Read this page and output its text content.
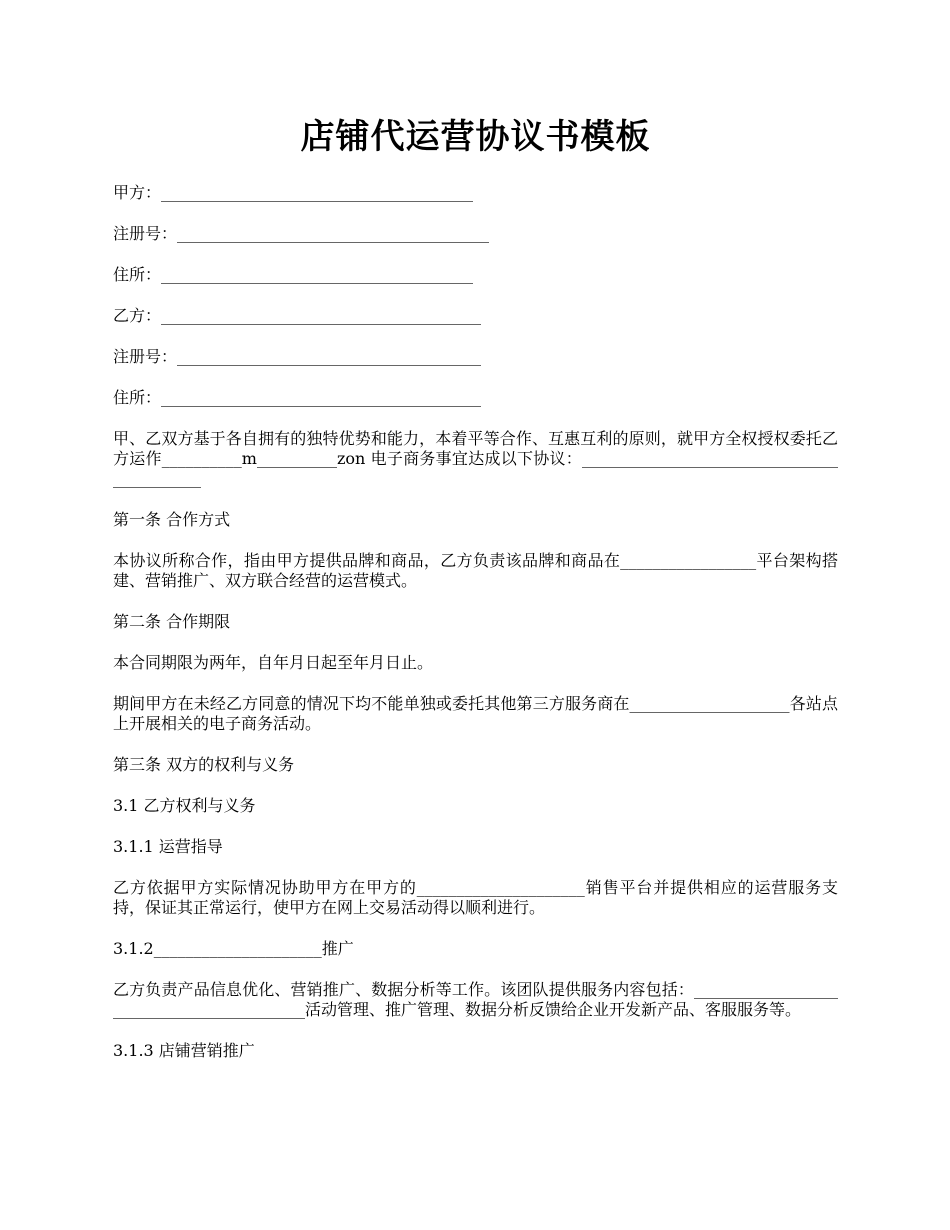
店铺代运营协议书模板

甲方：_______________________________________

注册号：_______________________________________

住所：_______________________________________

乙方：________________________________________

注册号：______________________________________

住所：________________________________________

甲、乙双方基于各自拥有的独特优势和能力，本着平等合作、互惠互利的原则，就甲方全权授权委托乙方运作__________m__________zon 电子商务事宜达成以下协议：___________________________________________

第一条 合作方式

本协议所称合作，指由甲方提供品牌和商品，乙方负责该品牌和商品在_________________平台架构搭建、营销推广、双方联合经营的运营模式。

第二条 合作期限

本合同期限为两年，自年月日起至年月日止。

期间甲方在未经乙方同意的情况下均不能单独或委托其他第三方服务商在____________________各站点上开展相关的电子商务活动。

第三条 双方的权利与义务

3.1 乙方权利与义务

3.1.1 运营指导

乙方依据甲方实际情况协助甲方在甲方的_____________________销售平台并提供相应的运营服务支持，保证其正常运行，使甲方在网上交易活动得以顺利进行。

3.1.2_____________________推广

乙方负责产品信息优化、营销推广、数据分析等工作。该团队提供服务内容包括：__________________________________________活动管理、推广管理、数据分析反馈给企业开发新产品、客服服务等。

3.1.3 店铺营销推广
